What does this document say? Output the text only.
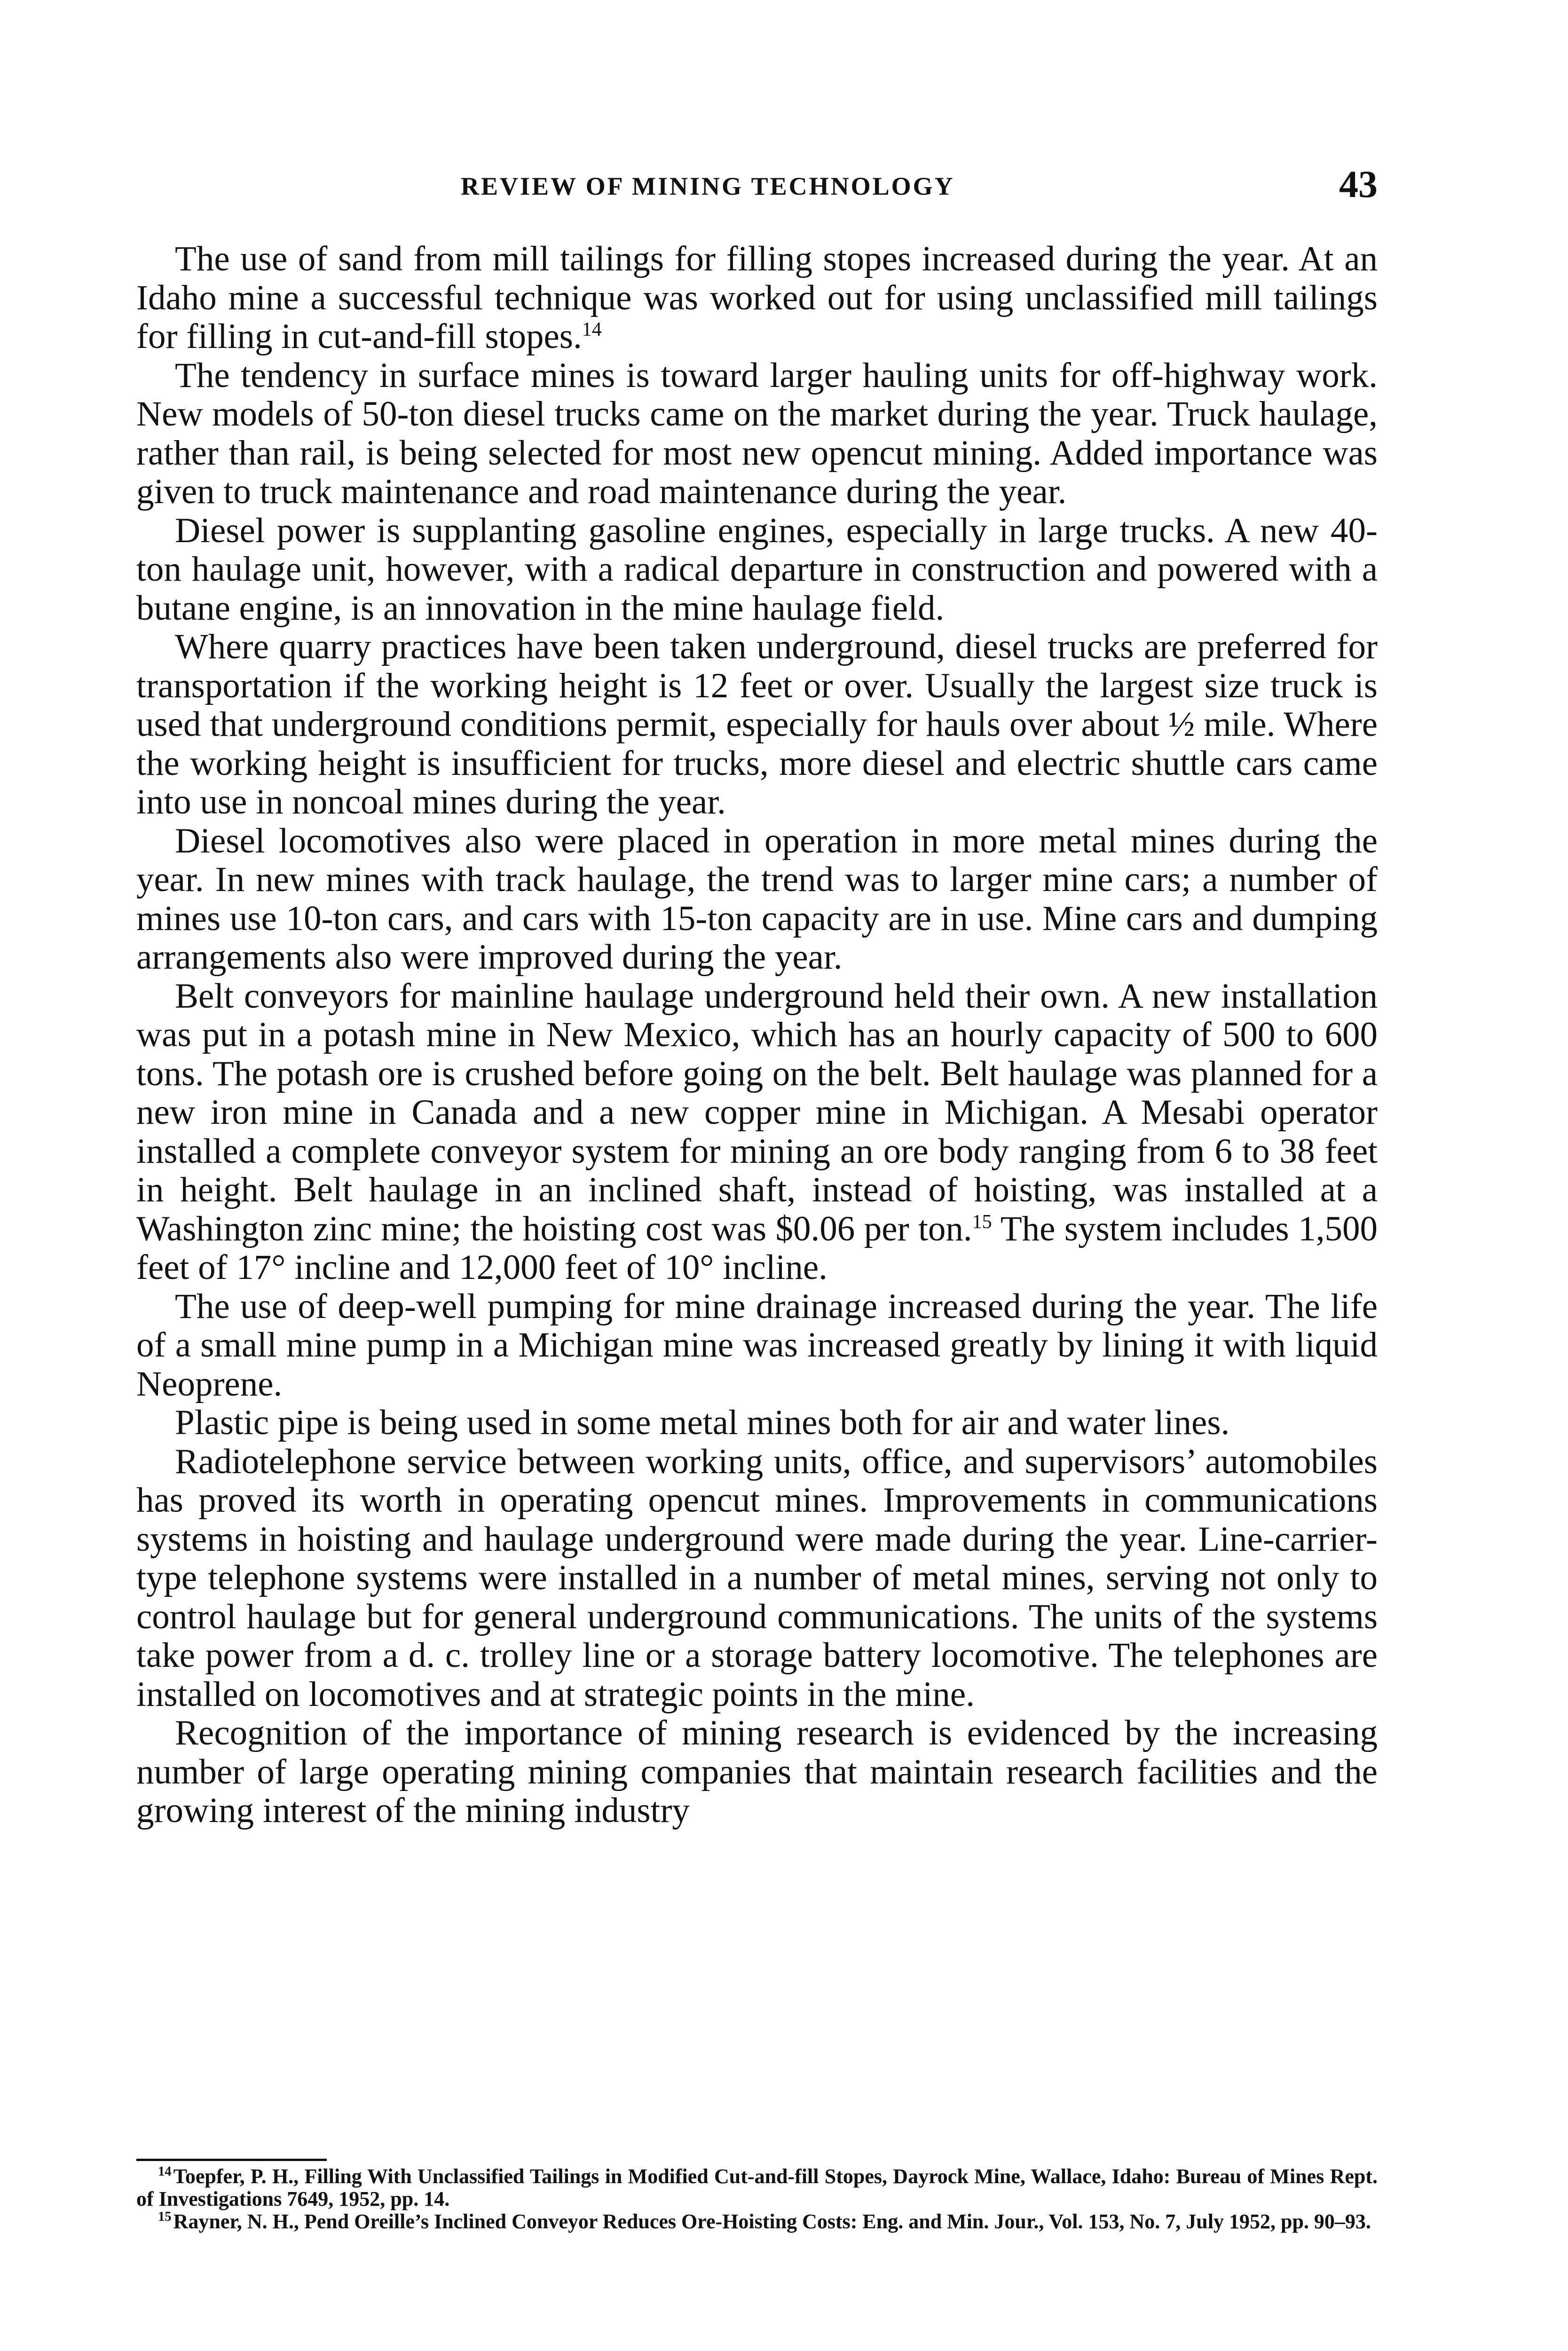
REVIEW OF MINING TECHNOLOGY	43

The use of sand from mill tailings for filling stopes increased during the year. At an Idaho mine a successful technique was worked out for using unclassified mill tailings for filling in cut-and-fill stopes.$^{14}$

The tendency in surface mines is toward larger hauling units for off-highway work. New models of 50-ton diesel trucks came on the market during the year. Truck haulage, rather than rail, is being selected for most new opencut mining. Added importance was given to truck maintenance and road maintenance during the year.

Diesel power is supplanting gasoline engines, especially in large trucks. A new 40-ton haulage unit, however, with a radical departure in construction and powered with a butane engine, is an innovation in the mine haulage field.

Where quarry practices have been taken underground, diesel trucks are preferred for transportation if the working height is 12 feet or over. Usually the largest size truck is used that underground conditions permit, especially for hauls over about ½ mile. Where the working height is insufficient for trucks, more diesel and electric shuttle cars came into use in noncoal mines during the year.

Diesel locomotives also were placed in operation in more metal mines during the year. In new mines with track haulage, the trend was to larger mine cars; a number of mines use 10-ton cars, and cars with 15-ton capacity are in use. Mine cars and dumping arrangements also were improved during the year.

Belt conveyors for mainline haulage underground held their own. A new installation was put in a potash mine in New Mexico, which has an hourly capacity of 500 to 600 tons. The potash ore is crushed before going on the belt. Belt haulage was planned for a new iron mine in Canada and a new copper mine in Michigan. A Mesabi operator installed a complete conveyor system for mining an ore body ranging from 6 to 38 feet in height. Belt haulage in an inclined shaft, instead of hoisting, was installed at a Washington zinc mine; the hoisting cost was $0.06 per ton.$^{15}$ The system includes 1,500 feet of 17° incline and 12,000 feet of 10° incline.

The use of deep-well pumping for mine drainage increased during the year. The life of a small mine pump in a Michigan mine was increased greatly by lining it with liquid Neoprene.

Plastic pipe is being used in some metal mines both for air and water lines.

Radiotelephone service between working units, office, and supervisors’ automobiles has proved its worth in operating opencut mines. Improvements in communications systems in hoisting and haulage underground were made during the year. Line-carrier-type telephone systems were installed in a number of metal mines, serving not only to control haulage but for general underground communications. The units of the systems take power from a d. c. trolley line or a storage battery locomotive. The telephones are installed on locomotives and at strategic points in the mine.

Recognition of the importance of mining research is evidenced by the increasing number of large operating mining companies that maintain research facilities and the growing interest of the mining industry

$^{14}$Toepfer, P. H., Filling With Unclassified Tailings in Modified Cut-and-fill Stopes, Dayrock Mine, Wallace, Idaho: Bureau of Mines Rept. of Investigations 7649, 1952, pp. 14.

$^{15}$Rayner, N. H., Pend Oreille’s Inclined Conveyor Reduces Ore-Hoisting Costs: Eng. and Min. Jour., Vol. 153, No. 7, July 1952, pp. 90–93.
